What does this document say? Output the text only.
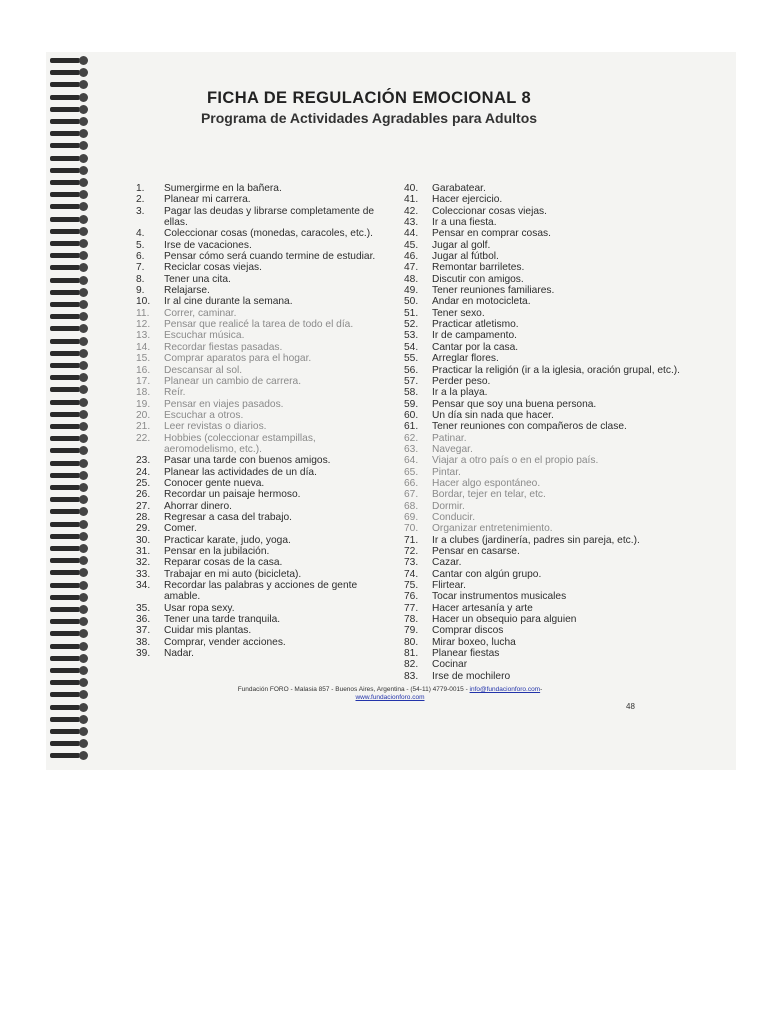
FICHA DE REGULACIÓN EMOCIONAL 8
Programa de Actividades Agradables para Adultos
1.	Sumergirme en la bañera.
2.	Planear mi carrera.
3.	Pagar las deudas y librarse completamente de ellas.
4.	Coleccionar cosas (monedas, caracoles, etc.).
5.	Irse de vacaciones.
6.	Pensar cómo será cuando termine de estudiar.
7.	Reciclar cosas viejas.
8.	Tener una cita.
9.	Relajarse.
10.	Ir al cine durante la semana.
11.	Correr, caminar.
12.	Pensar que realicé la tarea de todo el día.
13.	Escuchar música.
14.	Recordar fiestas pasadas.
15.	Comprar aparatos para el hogar.
16.	Descansar al sol.
17.	Planear un cambio de carrera.
18.	Reír.
19.	Pensar en viajes pasados.
20.	Escuchar a otros.
21.	Leer revistas o diarios.
22.	Hobbies (coleccionar estampillas, aeromodelismo, etc.).
23.	Pasar una tarde con buenos amigos.
24.	Planear las actividades de un día.
25.	Conocer gente nueva.
26.	Recordar un paisaje hermoso.
27.	Ahorrar dinero.
28.	Regresar a casa del trabajo.
29.	Comer.
30.	Practicar karate, judo, yoga.
31.	Pensar en la jubilación.
32.	Reparar cosas de la casa.
33.	Trabajar en mi auto (bicicleta).
34.	Recordar las palabras y acciones de gente amable.
35.	Usar ropa sexy.
36.	Tener una tarde tranquila.
37.	Cuidar mis plantas.
38.	Comprar, vender acciones.
39.	Nadar.
40.	Garabatear.
41.	Hacer ejercicio.
42.	Coleccionar cosas viejas.
43.	Ir a una fiesta.
44.	Pensar en comprar cosas.
45.	Jugar al golf.
46.	Jugar al fútbol.
47.	Remontar barriletes.
48.	Discutir con amigos.
49.	Tener reuniones familiares.
50.	Andar en motocicleta.
51.	Tener sexo.
52.	Practicar atletismo.
53.	Ir de campamento.
54.	Cantar por la casa.
55.	Arreglar flores.
56.	Practicar la religión (ir a la iglesia, oración grupal, etc.).
57.	Perder peso.
58.	Ir a la playa.
59.	Pensar que soy una buena persona.
60.	Un día sin nada que hacer.
61.	Tener reuniones con compañeros de clase.
62.	Patinar.
63.	Navegar.
64.	Viajar a otro país o en el propio país.
65.	Pintar.
66.	Hacer algo espontáneo.
67.	Bordar, tejer en telar, etc.
68.	Dormir.
69.	Conducir.
70.	Organizar entretenimiento.
71.	Ir a clubes (jardinería, padres sin pareja, etc.).
72.	Pensar en casarse.
73.	Cazar.
74.	Cantar con algún grupo.
75.	Flirtear.
76.	Tocar instrumentos musicales
77.	Hacer artesanía y arte
78.	Hacer un obsequio para alguien
79.	Comprar discos
80.	Mirar boxeo, lucha
81.	Planear fiestas
82.	Cocinar
83.	Irse de mochilero
Fundación FORO - Malasia 857 - Buenos Aires, Argentina - (54-11) 4779-0015 - info@fundacionforo.com-
www.fundacionforo.com
48
